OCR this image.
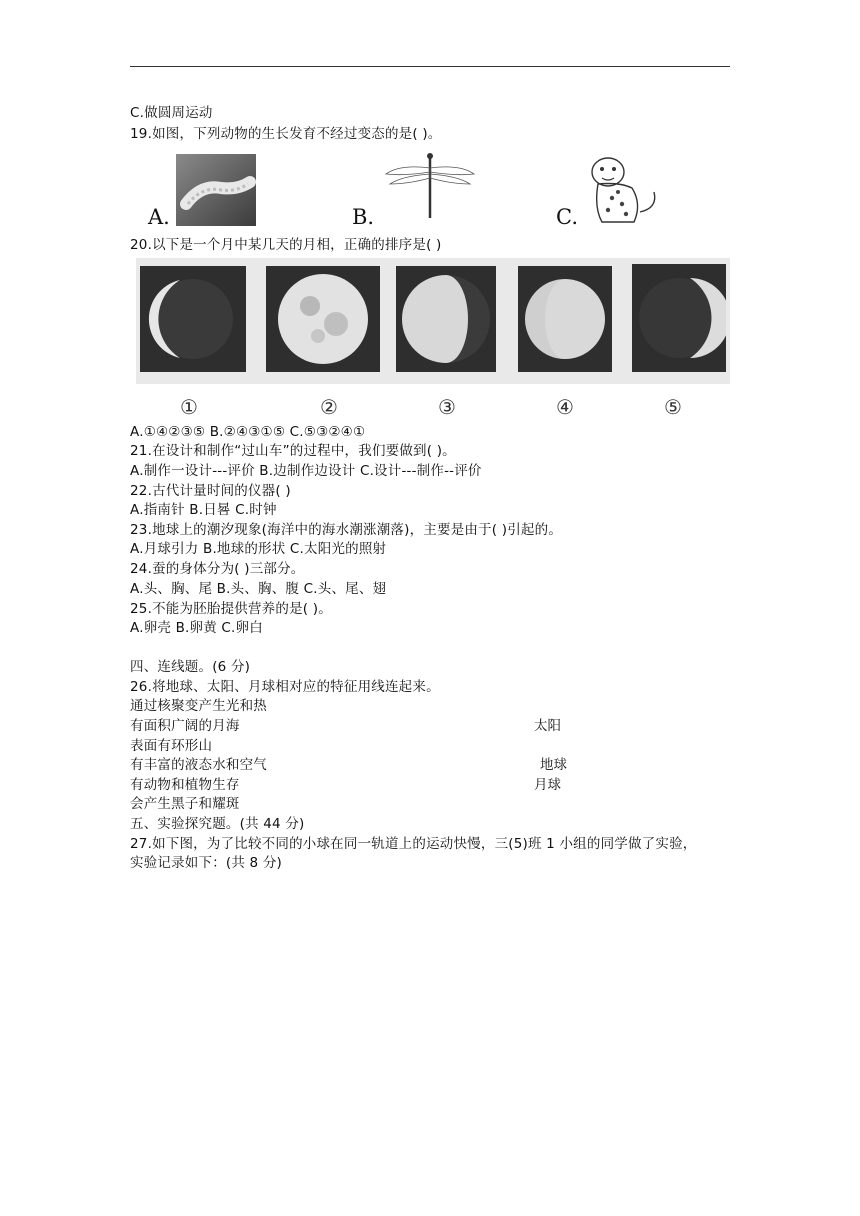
C.做圆周运动
19.如图，下列动物的生长发育不经过变态的是( )。
A.	B.	C.
20.以下是一个月中某几天的月相，正确的排序是( )
①	②	③	④	⑤
A.①④②③⑤ B.②④③①⑤ C.⑤③②④①
21.在设计和制作“过山车”的过程中，我们要做到( )。
A.制作一设计---评价 B.边制作边设计 C.设计---制作--评价
22.古代计量时间的仪器( )
A.指南针 B.日晷 C.时钟
23.地球上的潮汐现象(海洋中的海水潮涨潮落)，主要是由于( )引起的。
A.月球引力 B.地球的形状 C.太阳光的照射
24.蚕的身体分为( )三部分。
A.头、胸、尾 B.头、胸、腹 C.头、尾、翅
25.不能为胚胎提供营养的是( )。
A.卵壳 B.卵黄 C.卵白
四、连线题。(6 分)
26.将地球、太阳、月球相对应的特征用线连起来。
通过核聚变产生光和热
有面积广阔的月海
表面有环形山
有丰富的液态水和空气
有动物和植物生存
会产生黑子和耀斑
太阳
地球
月球
五、实验探究题。(共 44 分)
27.如下图，为了比较不同的小球在同一轨道上的运动快慢，三(5)班 1 小组的同学做了实验，
实验记录如下：(共 8 分)
